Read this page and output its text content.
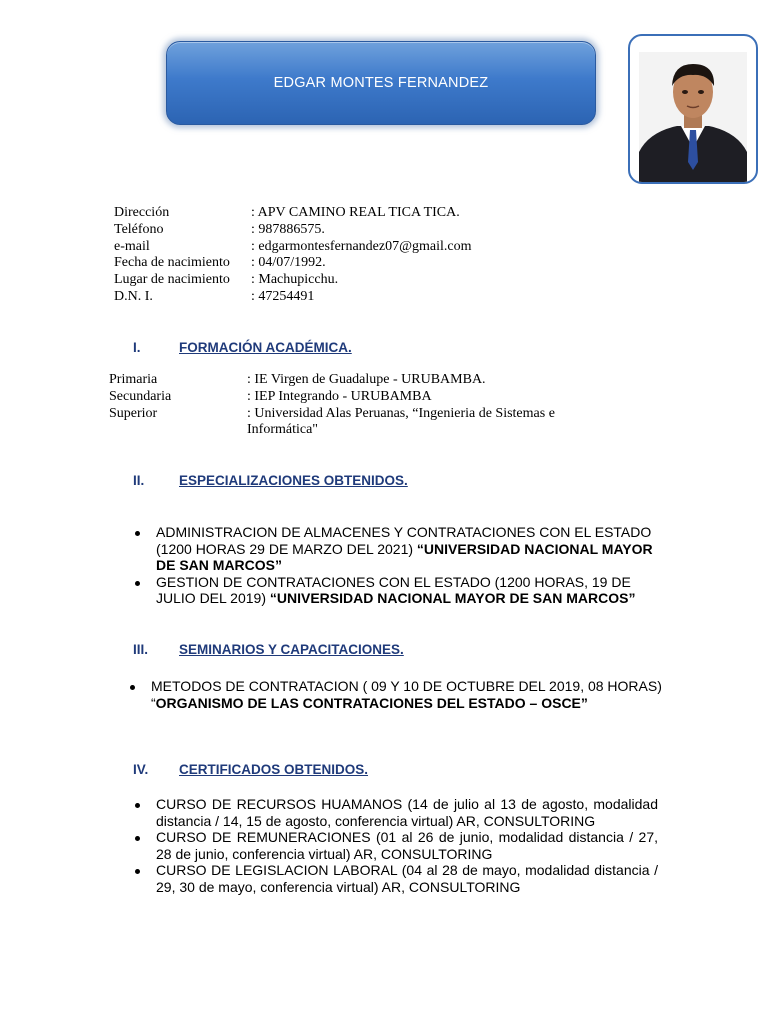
EDGAR MONTES FERNANDEZ
Dirección	: APV CAMINO REAL TICA TICA.
Teléfono	: 987886575.
e-mail	: edgarmontesfernandez07@gmail.com
Fecha de nacimiento	: 04/07/1992.
Lugar de nacimiento	: Machupicchu.
D.N. I.	: 47254491
I.	FORMACIÓN ACADÉMICA.
Primaria	: IE Virgen de Guadalupe - URUBAMBA.
Secundaria	: IEP Integrando - URUBAMBA
Superior	: Universidad Alas Peruanas, “Ingenieria de Sistemas e Informática"
II.	ESPECIALIZACIONES OBTENIDOS.
ADMINISTRACION DE ALMACENES Y CONTRATACIONES CON EL ESTADO (1200 HORAS 29 DE MARZO DEL 2021) “UNIVERSIDAD NACIONAL MAYOR DE SAN MARCOS”
GESTION DE CONTRATACIONES CON EL ESTADO (1200 HORAS, 19 DE JULIO DEL 2019) “UNIVERSIDAD NACIONAL MAYOR DE SAN MARCOS”
III.	SEMINARIOS Y CAPACITACIONES.
METODOS DE CONTRATACION ( 09 Y 10 DE OCTUBRE DEL 2019, 08 HORAS) “ORGANISMO DE LAS CONTRATACIONES DEL ESTADO – OSCE”
IV.	CERTIFICADOS OBTENIDOS.
CURSO DE RECURSOS HUAMANOS (14 de julio al 13 de agosto, modalidad distancia / 14, 15 de agosto, conferencia virtual) AR, CONSULTORING
CURSO DE REMUNERACIONES (01 al 26 de junio, modalidad distancia / 27, 28 de junio, conferencia virtual) AR, CONSULTORING
CURSO DE LEGISLACION LABORAL (04 al 28 de mayo, modalidad distancia / 29, 30 de mayo, conferencia virtual) AR, CONSULTORING
